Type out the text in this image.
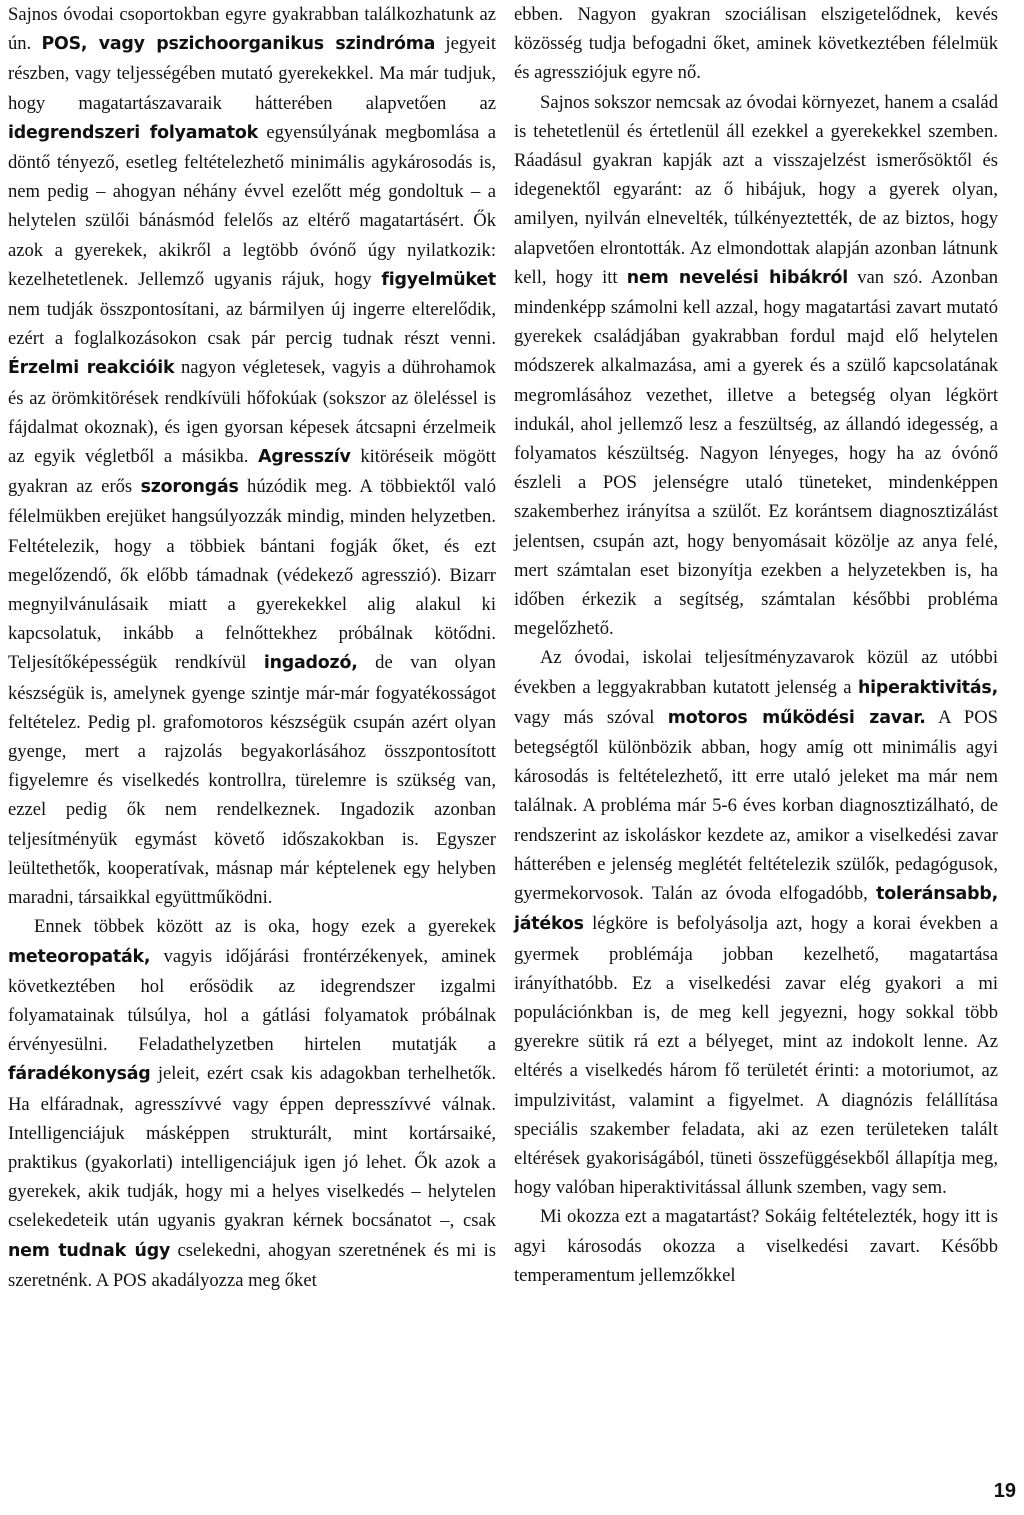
Sajnos óvodai csoportokban egyre gyakrabban találkozhatunk az ún. POS, vagy pszichoorganikus szindróma jegyeit részben, vagy teljességében mutató gyerekekkel. Ma már tudjuk, hogy magatartászavaraik hátterében alapvetően az idegrendszeri folyamatok egyensúlyának megbomlása a döntő tényező, esetleg feltételezhető minimális agykárosodás is, nem pedig – ahogyan néhány évvel ezelőtt még gondoltuk – a helytelen szülői bánásmód felelős az eltérő magatartásért. Ők azok a gyerekek, akikről a legtöbb óvónő úgy nyilatkozik: kezelhetetlenek. Jellemző ugyanis rájuk, hogy figyelmüket nem tudják összpontosítani, az bármilyen új ingerre elterelődik, ezért a foglalkozásokon csak pár percig tudnak részt venni. Érzelmi reakcióik nagyon végletesek, vagyis a dührohamok és az örömkitörések rendkívüli hőfokúak (sokszor az öleléssel is fájdalmat okoznak), és igen gyorsan képesek átcsapni érzelmeik az egyik végletből a másikba. Agresszív kitöréseik mögött gyakran az erős szorongás húzódik meg. A többiektől való félelmükben erejüket hangsúlyozzák mindig, minden helyzetben. Feltételezik, hogy a többiek bántani fogják őket, és ezt megelőzendő, ők előbb támadnak (védekező agresszió). Bizarr megnyilvánulásaik miatt a gyerekekkel alig alakul ki kapcsolatuk, inkább a felnőttekhez próbálnak kötődni. Teljesítőképességük rendkívül ingadozó, de van olyan készségük is, amelynek gyenge szintje már-már fogyatékosságot feltételez. Pedig pl. grafomotoros készségük csupán azért olyan gyenge, mert a rajzolás begyakorlásához összpontosított figyelemre és viselkedés kontrollra, türelemre is szükség van, ezzel pedig ők nem rendelkeznek. Ingadozik azonban teljesítményük egymást követő időszakokban is. Egyszer leültethetők, kooperatívak, másnap már képtelenek egy helyben maradni, társaikkal együttműködni.

Ennek többek között az is oka, hogy ezek a gyerekek meteoropaták, vagyis időjárási frontérzékenyek, aminek következtében hol erősödik az idegrendszer izgalmi folyamatainak túlsúlya, hol a gátlási folyamatok próbálnak érvényesülni. Feladathelyzetben hirtelen mutatják a fáradékonyság jeleit, ezért csak kis adagokban terhelhetők. Ha elfáradnak, agresszívvé vagy éppen depresszívvé válnak. Intelligenciájuk másképpen strukturált, mint kortársaiké, praktikus (gyakorlati) intelligenciájuk igen jó lehet. Ők azok a gyerekek, akik tudják, hogy mi a helyes viselkedés – helytelen cselekedeteik után ugyanis gyakran kérnek bocsánatot –, csak nem tudnak úgy cselekedni, ahogyan szeretnének és mi is szeretnénk. A POS akadályozza meg őket

ebben. Nagyon gyakran szociálisan elszigetelődnek, kevés közösség tudja befogadni őket, aminek következtében félelmük és agressziójuk egyre nő.

Sajnos sokszor nemcsak az óvodai környezet, hanem a család is tehetetlenül és értetlenül áll ezekkel a gyerekekkel szemben. Ráadásul gyakran kapják azt a visszajelzést ismerősöktől és idegenektől egyaránt: az ő hibájuk, hogy a gyerek olyan, amilyen, nyilván elnevelték, túlkényeztették, de az biztos, hogy alapvetően elrontották. Az elmondottak alapján azonban látnunk kell, hogy itt nem nevelési hibákról van szó. Azonban mindenképp számolni kell azzal, hogy magatartási zavart mutató gyerekek családjában gyakrabban fordul majd elő helytelen módszerek alkalmazása, ami a gyerek és a szülő kapcsolatának megromlásához vezethet, illetve a betegség olyan légkört indukál, ahol jellemző lesz a feszültség, az állandó idegesség, a folyamatos készültség. Nagyon lényeges, hogy ha az óvónő észleli a POS jelenségre utaló tüneteket, mindenképpen szakemberhez irányítsa a szülőt. Ez korántsem diagnosztizálást jelentsen, csupán azt, hogy benyomásait közölje az anya felé, mert számtalan eset bizonyítja ezekben a helyzetekben is, ha időben érkezik a segítség, számtalan későbbi probléma megelőzhető.

Az óvodai, iskolai teljesítményzavarok közül az utóbbi években a leggyakrabban kutatott jelenség a hiperaktivitás, vagy más szóval motoros működési zavar. A POS betegségtől különbözik abban, hogy amíg ott minimális agyi károsodás is feltételezhető, itt erre utaló jeleket ma már nem találnak. A probléma már 5-6 éves korban diagnosztizálható, de rendszerint az iskoláskor kezdete az, amikor a viselkedési zavar hátterében e jelenség meglétét feltételezik szülők, pedagógusok, gyermekorvosok. Talán az óvoda elfogadóbb, toleránsabb, játékos légköre is befolyásolja azt, hogy a korai években a gyermek problémája jobban kezelhető, magatartása irányíthatóbb. Ez a viselkedési zavar elég gyakori a mi populációnkban is, de meg kell jegyezni, hogy sokkal több gyerekre sütik rá ezt a bélyeget, mint az indokolt lenne. Az eltérés a viselkedés három fő területét érinti: a motoriumot, az impulzivitást, valamint a figyelmet. A diagnózis felállítása speciális szakember feladata, aki az ezen területeken talált eltérések gyakoriságából, tüneti összefüggésekből állapítja meg, hogy valóban hiperaktivitással állunk szemben, vagy sem.

Mi okozza ezt a magatartást? Sokáig feltételezték, hogy itt is agyi károsodás okozza a viselkedési zavart. Később temperamentum jellemzőkkel

19
